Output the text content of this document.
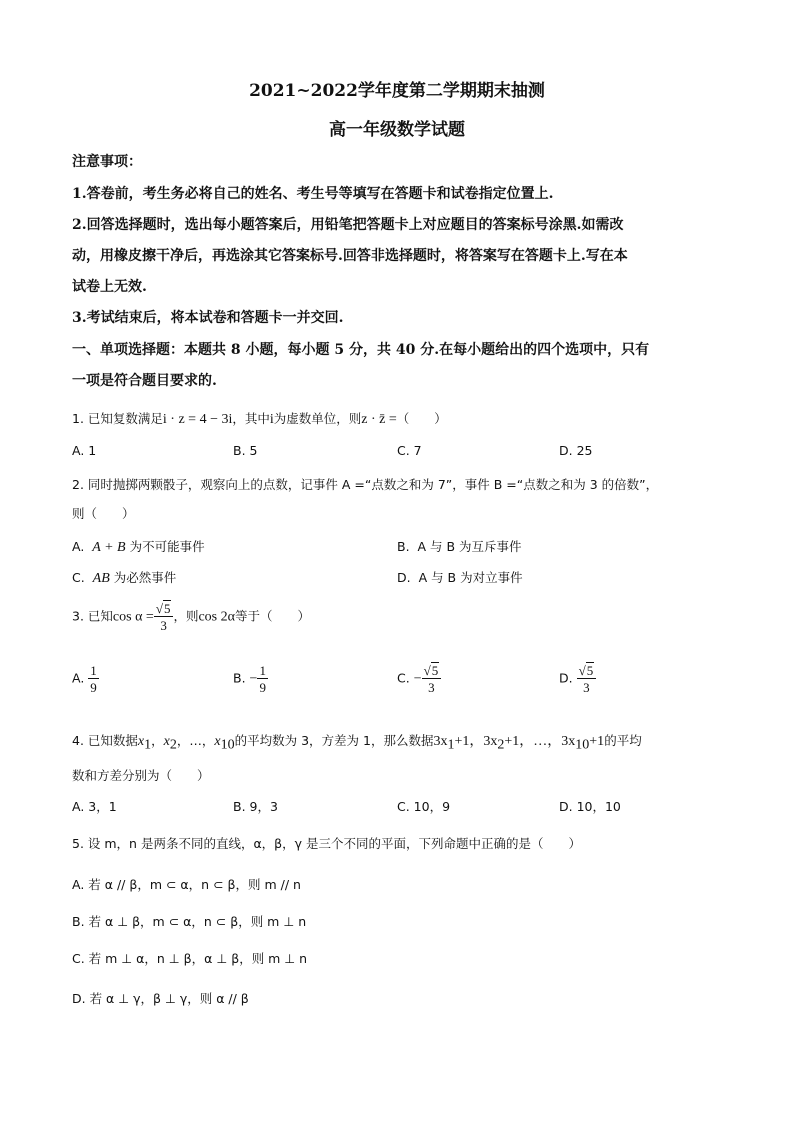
2021~2022学年度第二学期期末抽测
高一年级数学试题
注意事项：
1.答卷前，考生务必将自己的姓名、考生号等填写在答题卡和试卷指定位置上.
2.回答选择题时，选出每小题答案后，用铅笔把答题卡上对应题目的答案标号涂黑.如需改
动，用橡皮擦干净后，再选涂其它答案标号.回答非选择题时，将答案写在答题卡上.写在本
试卷上无效.
3.考试结束后，将本试卷和答题卡一并交回.
一、单项选择题：本题共 8 小题，每小题 5 分，共 40 分.在每小题给出的四个选项中，只有
一项是符合题目要求的.
1. 已知复数满足i · z = 4 − 3i，其中i为虚数单位，则z · z̄ =（　　）
A. 1	B. 5	C. 7	D. 25
2. 同时抛掷两颗骰子，观察向上的点数，记事件 A =“点数之和为 7”，事件 B =“点数之和为 3 的倍数”，
则（　　）
A. A + B 为不可能事件	B. A 与 B 为互斥事件
C. AB 为必然事件	D. A 与 B 为对立事件
3. 已知$\cos \alpha = \frac{√5}{3}$ ，则cos 2α等于（　　）
A. $\frac{1}{9}$	B. − $\frac{1}{9}$	C. − $\frac{√5}{3}$	D. $\frac{√5}{3}$
4. 已知数据$x_1$，$x_2$，…，$x_{10}$的平均数为 3，方差为 1，那么数据$3x_1+1$，$3x_2+1$，…，$3x_{10}+1$的平均
数和方差分别为（　　）
A. 3，1	B. 9，3	C. 10，9	D. 10，10
5. 设 m，n 是两条不同的直线，α，β，γ 是三个不同的平面，下列命题中正确的是（　　）
A. 若 α // β，m ⊂ α，n ⊂ β，则 m // n
B. 若 α ⊥ β，m ⊂ α，n ⊂ β，则 m ⊥ n
C. 若 m ⊥ α，n ⊥ β，α ⊥ β，则 m ⊥ n
D. 若 α ⊥ γ，β ⊥ γ，则 α // β
